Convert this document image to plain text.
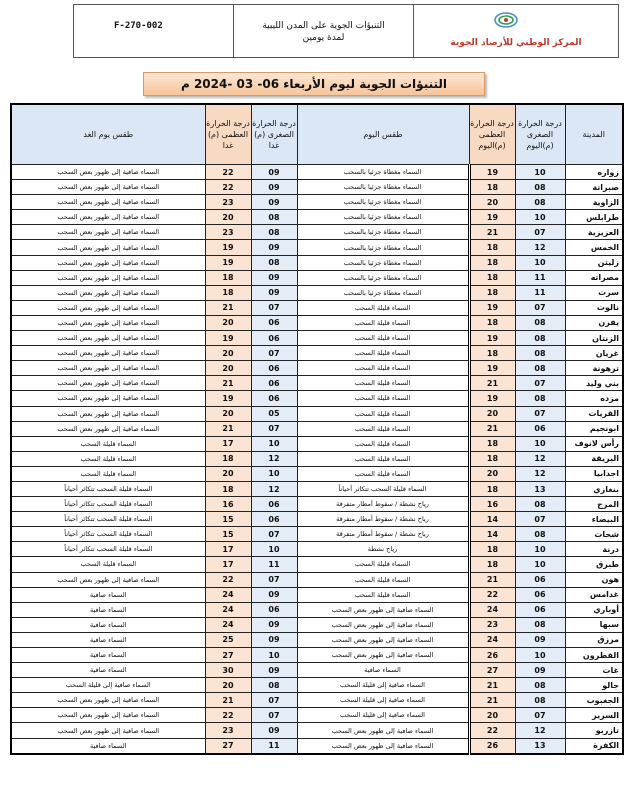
F-270-002	التنبؤات الجوية على المدن الليبية
لمدة يومين	المركز الوطني للأرصاد الجوية
التنبؤات الجوية ليوم الأربعاء 06- 03 -2024 م
المدينة	درجة الحرارة الصغرى (م)اليوم	درجة الحرارة العظمى (م)اليوم	طقس اليوم	درجة الحرارة الصغرى (م) غدا	درجة الحرارة العظمى (م) غدا	طقس يوم الغد
زواره	10	19	السماء مغطاة جزئيا بالسحب	09	22	السماء صافية إلى ظهور بعض السحب
صبراتة	08	18	السماء مغطاة جزئيا بالسحب	09	22	السماء صافية إلى ظهور بعض السحب
الزاوية	08	20	السماء مغطاة جزئيا بالسحب	09	23	السماء صافية إلى ظهور بعض السحب
طرابلس	10	19	السماء مغطاة جزئيا بالسحب	08	20	السماء صافية إلى ظهور بعض السحب
العزيزية	07	21	السماء مغطاة جزئيا بالسحب	08	23	السماء صافية إلى ظهور بعض السحب
الخمس	12	18	السماء مغطاة جزئيا بالسحب	09	19	السماء صافية إلى ظهور بعض السحب
زليتن	10	18	السماء مغطاة جزئيا بالسحب	08	19	السماء صافية إلى ظهور بعض السحب
مصراته	11	18	السماء مغطاة جزئيا بالسحب	09	18	السماء صافية إلى ظهور بعض السحب
سرت	11	18	السماء مغطاة جزئيا بالسحب	09	18	السماء صافية إلى ظهور بعض السحب
نالوت	07	19	السماء قليلة السحب	07	21	السماء صافية إلى ظهور بعض السحب
يفرن	08	18	السماء قليلة السحب	06	20	السماء صافية إلى ظهور بعض السحب
الزنتان	08	19	السماء قليلة السحب	06	19	السماء صافية إلى ظهور بعض السحب
غريان	08	18	السماء قليلة السحب	07	20	السماء صافية إلى ظهور بعض السحب
ترهونة	08	19	السماء قليلة السحب	06	20	السماء صافية إلى ظهور بعض السحب
بني وليد	07	21	السماء قليلة السحب	06	21	السماء صافية إلى ظهور بعض السحب
مزده	08	19	السماء قليلة السحب	06	19	السماء صافية إلى ظهور بعض السحب
القريات	07	20	السماء قليلة السحب	05	20	السماء صافية إلى ظهور بعض السحب
ابونجيم	06	21	السماء قليلة السحب	07	21	السماء صافية إلى ظهور بعض السحب
رأس لانوف	10	18	السماء قليلة السحب	10	17	السماء قليلة السحب
البريقة	12	18	السماء قليلة السحب	12	18	السماء قليلة السحب
اجدابيا	12	20	السماء قليلة السحب	10	20	السماء قليلة السحب
بنغازي	13	18	السماء قليلة السحب تتكاثر أحياناً	12	18	السماء قليلة السحب تتكاثر أحياناً
المرج	08	16	رياح نشطة / سقوط أمطار متفرقة	06	16	السماء قليلة السحب تتكاثر أحياناً
البيضاء	07	14	رياح نشطة / سقوط أمطار متفرقة	06	15	السماء قليلة السحب تتكاثر أحياناً
شحات	08	14	رياح نشطة / سقوط أمطار متفرقة	07	15	السماء قليلة السحب تتكاثر أحياناً
درنة	10	18	رياح نشطة	10	17	السماء قليلة السحب تتكاثر أحياناً
طبرق	10	18	السماء قليلة السحب	11	17	السماء قليلة السحب
هون	06	21	السماء قليلة السحب	07	22	السماء صافية إلى ظهور بعض السحب
غدامس	06	22	السماء قليلة السحب	09	24	السماء صافية
أوباري	06	24	السماء صافية إلى ظهور بعض السحب	06	24	السماء صافية
سبها	08	23	السماء صافية إلى ظهور بعض السحب	09	24	السماء صافية
مرزق	09	24	السماء صافية إلى ظهور بعض السحب	09	25	السماء صافية
القطرون	10	26	السماء صافية إلى ظهور بعض السحب	10	27	السماء صافية
غات	09	27	السماء صافية	09	30	السماء صافية
جالو	08	21	السماء صافية إلى قليلة السحب	08	20	السماء صافية إلى قليلة السحب
الجغبوب	08	21	السماء صافية إلى قليلة السحب	07	21	السماء صافية إلى ظهور بعض السحب
السرير	07	20	السماء صافية إلى قليلة السحب	07	22	السماء صافية إلى ظهور بعض السحب
تازربو	12	22	السماء صافية إلى ظهور بعض السحب	09	23	السماء صافية إلى ظهور بعض السحب
الكفرة	13	26	السماء صافية إلى ظهور بعض السحب	11	27	السماء صافية
